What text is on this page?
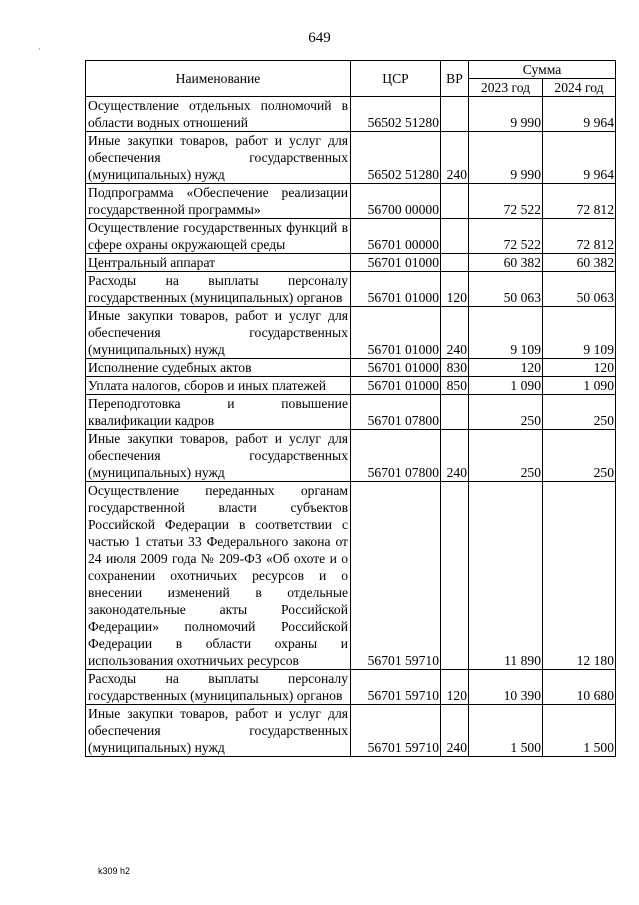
649
Наименование	ЦСР	ВР	Сумма	
			2023 год	2024 год
Осуществление отдельных полномочий в области водных отношений	56502 51280		9 990	9 964
Иные закупки товаров, работ и услуг для обеспечения государственных (муниципальных) нужд	56502 51280	240	9 990	9 964
Подпрограмма «Обеспечение реализации государственной программы»	56700 00000		72 522	72 812
Осуществление государственных функций в сфере охраны окружающей среды	56701 00000		72 522	72 812
Центральный аппарат	56701 01000		60 382	60 382
Расходы на выплаты персоналу государственных (муниципальных) органов	56701 01000	120	50 063	50 063
Иные закупки товаров, работ и услуг для обеспечения государственных (муниципальных) нужд	56701 01000	240	9 109	9 109
Исполнение судебных актов	56701 01000	830	120	120
Уплата налогов, сборов и иных платежей	56701 01000	850	1 090	1 090
Переподготовка и повышение квалификации кадров	56701 07800		250	250
Иные закупки товаров, работ и услуг для обеспечения государственных (муниципальных) нужд	56701 07800	240	250	250
Осуществление переданных органам государственной власти субъектов Российской Федерации в соответствии с частью 1 статьи 33 Федерального закона от 24 июля 2009 года № 209-ФЗ «Об охоте и о сохранении охотничьих ресурсов и о внесении изменений в отдельные законодательные акты Российской Федерации» полномочий Российской Федерации в области охраны и использования охотничьих ресурсов	56701 59710		11 890	12 180
Расходы на выплаты персоналу государственных (муниципальных) органов	56701 59710	120	10 390	10 680
Иные закупки товаров, работ и услуг для обеспечения государственных (муниципальных) нужд	56701 59710	240	1 500	1 500
·
k309 h2
